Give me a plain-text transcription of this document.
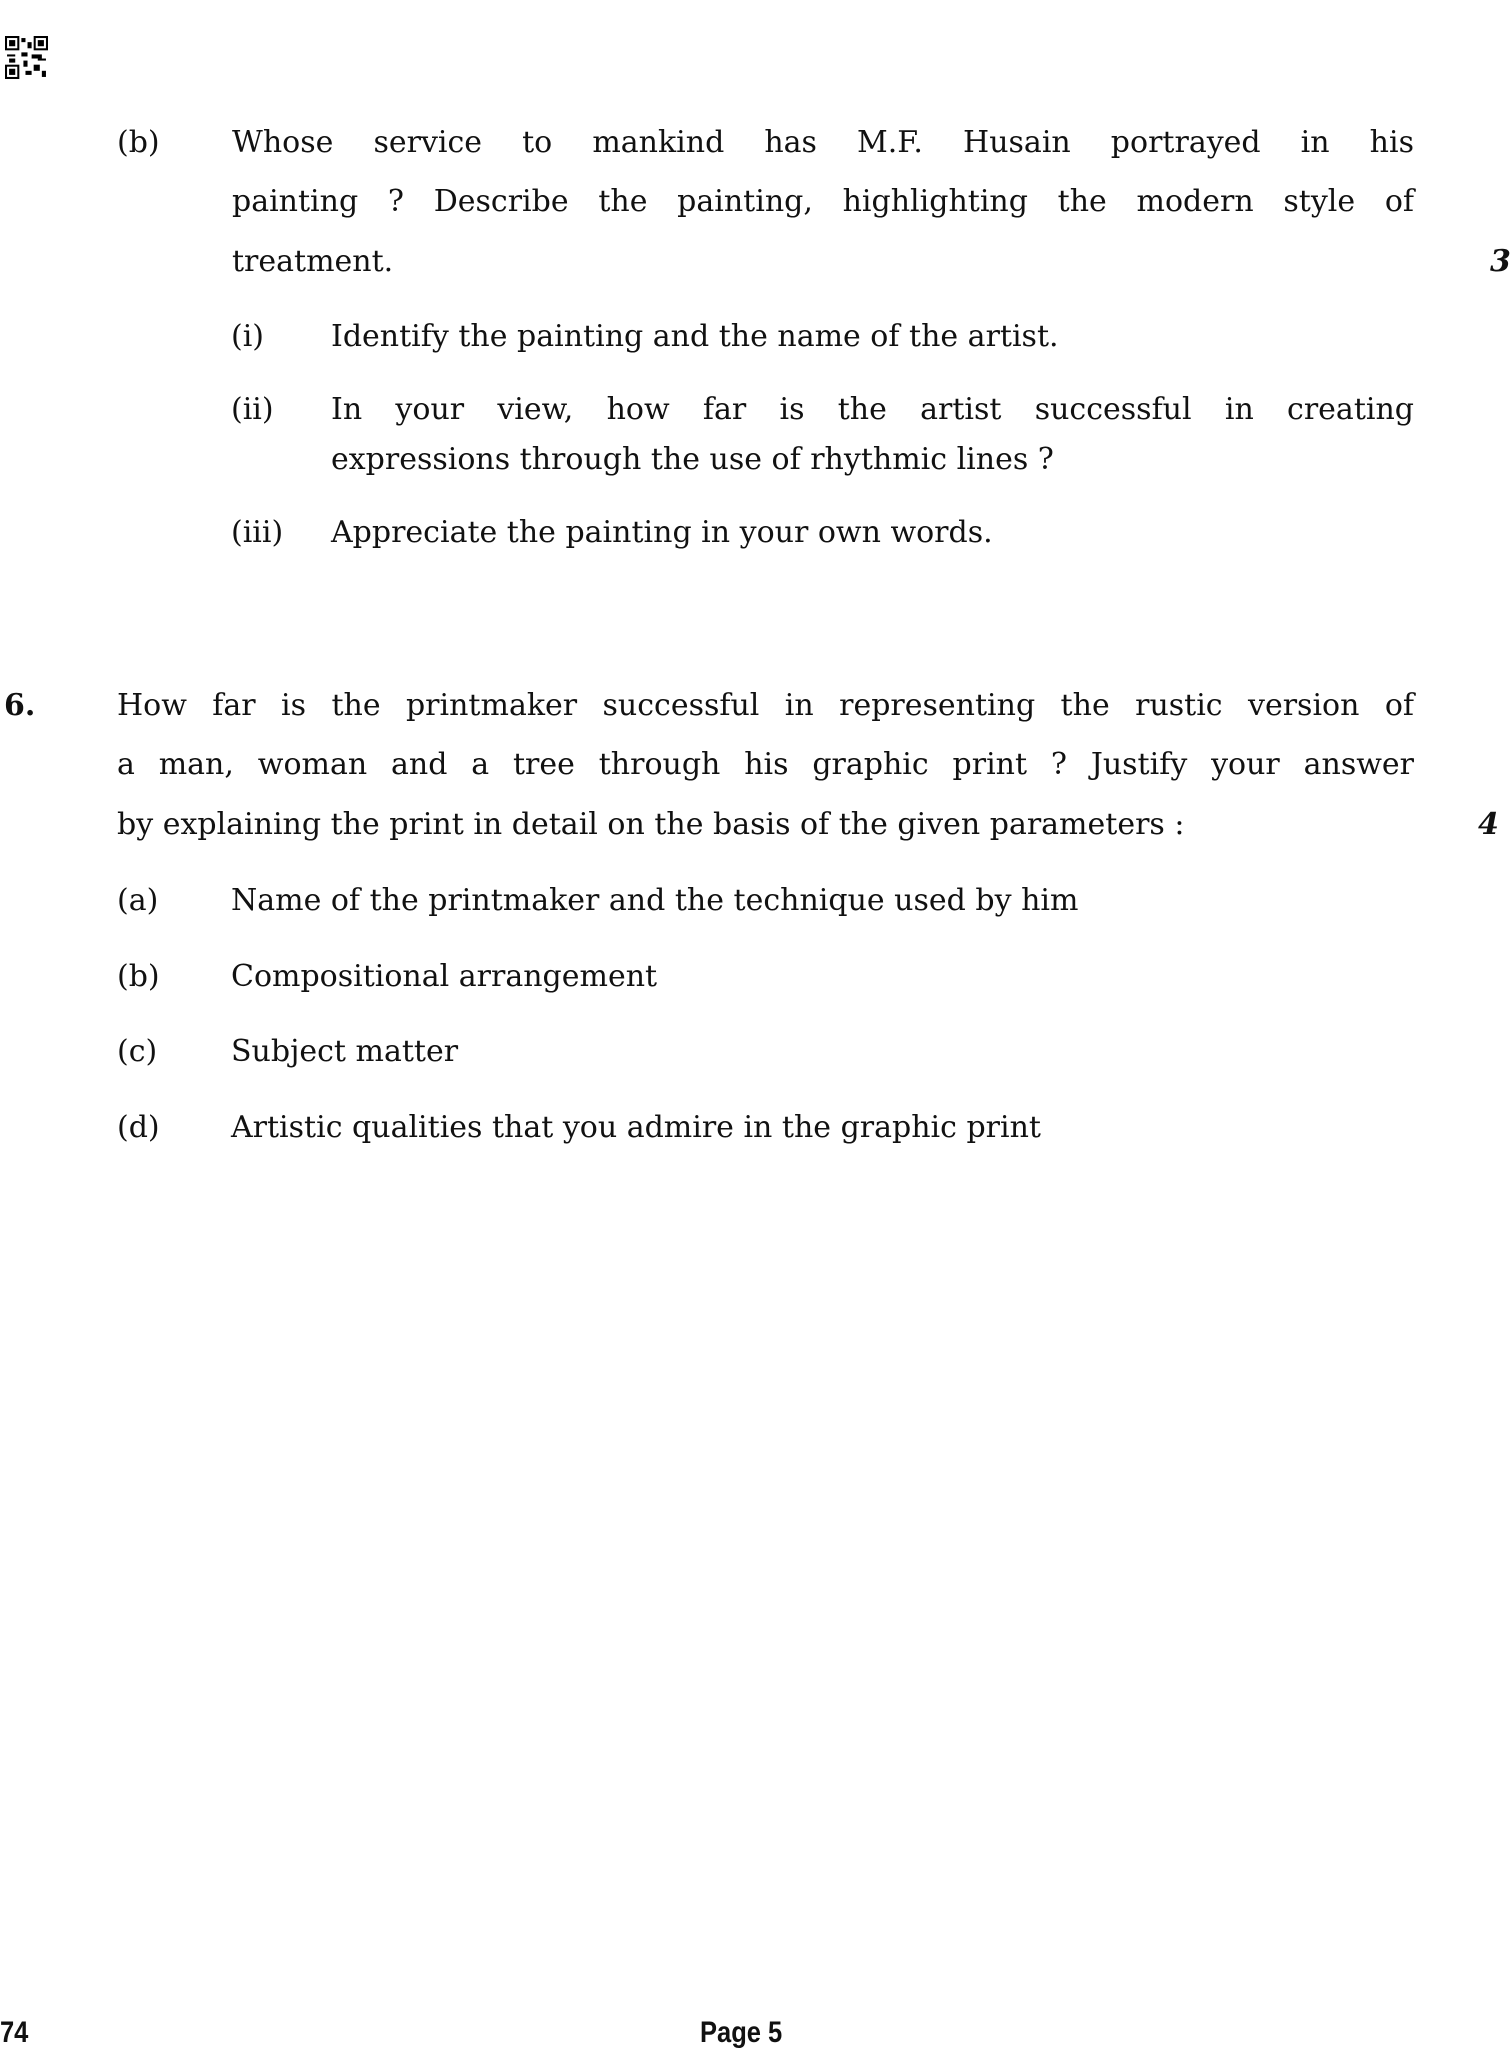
(b) Whose service to mankind has M.F. Husain portrayed in his
painting ? Describe the painting, highlighting the modern style of
treatment.	3
(i) Identify the painting and the name of the artist.
(ii) In your view, how far is the artist successful in creating
expressions through the use of rhythmic lines ?
(iii) Appreciate the painting in your own words.
6.	How far is the printmaker successful in representing the rustic version of
a man, woman and a tree through his graphic print ? Justify your answer
by explaining the print in detail on the basis of the given parameters :	4
(a) Name of the printmaker and the technique used by him
(b) Compositional arrangement
(c) Subject matter
(d) Artistic qualities that you admire in the graphic print
74	Page 5
